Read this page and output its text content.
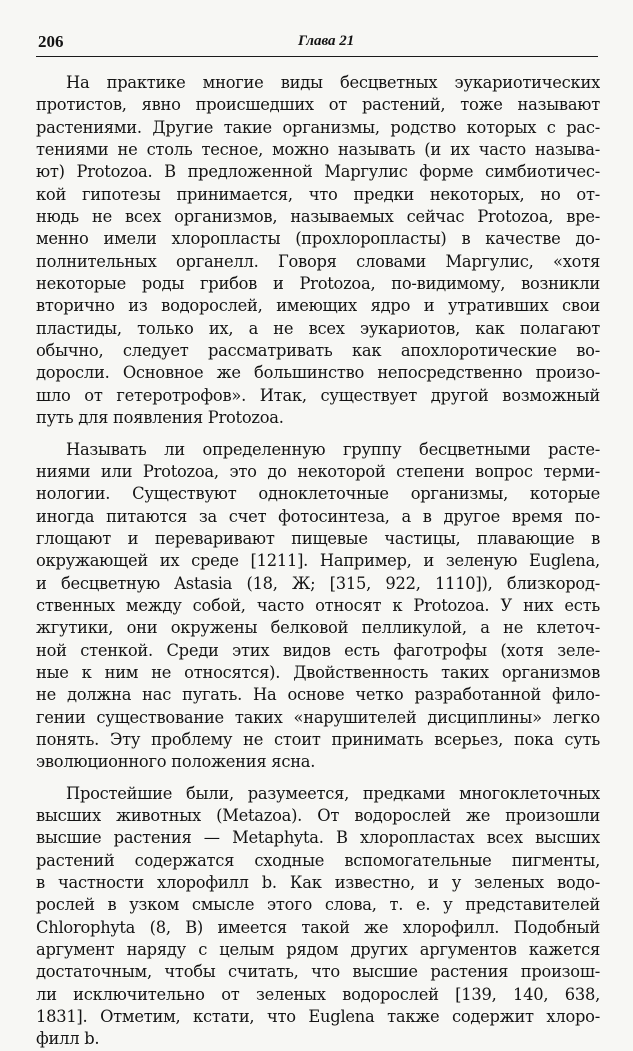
206	Глава 21
На практике многие виды бесцветных эукариотических
протистов, явно происшедших от растений, тоже называют
растениями. Другие такие организмы, родство которых с рас-
тениями не столь тесное, можно называть (и их часто называ-
ют) Protozoa. В предложенной Маргулис форме симбиотичес-
кой гипотезы принимается, что предки некоторых, но от-
нюдь не всех организмов, называемых сейчас Protozoa, вре-
менно имели хлоропласты (прохлоропласты) в качестве до-
полнительных органелл. Говоря словами Маргулис, «хотя
некоторые роды грибов и Protozoa, по-видимому, возникли
вторично из водорослей, имеющих ядро и утративших свои
пластиды, только их, а не всех эукариотов, как полагают
обычно, следует рассматривать как апохлоротические во-
доросли. Основное же большинство непосредственно произо-
шло от гетеротрофов». Итак, существует другой возможный
путь для появления Protozoa.
Называть ли определенную группу бесцветными расте-
ниями или Protozoa, это до некоторой степени вопрос терми-
нологии. Существуют одноклеточные организмы, которые
иногда питаются за счет фотосинтеза, а в другое время по-
глощают и переваривают пищевые частицы, плавающие в
окружающей их среде [1211]. Например, и зеленую Euglena,
и бесцветную Astasia (18, Ж; [315, 922, 1110]), близкород-
ственных между собой, часто относят к Protozoa. У них есть
жгутики, они окружены белковой пелликулой, а не клеточ-
ной стенкой. Среди этих видов есть фаготрофы (хотя зеле-
ные к ним не относятся). Двойственность таких организмов
не должна нас пугать. На основе четко разработанной фило-
гении существование таких «нарушителей дисциплины» легко
понять. Эту проблему не стоит принимать всерьез, пока суть
эволюционного положения ясна.
Простейшие были, разумеется, предками многоклеточных
высших животных (Metazoa). От водорослей же произошли
высшие растения — Metaphyta. В хлоропластах всех высших
растений содержатся сходные вспомогательные пигменты,
в частности хлорофилл b. Как известно, и у зеленых водо-
рослей в узком смысле этого слова, т. е. у представителей
Chlorophyta (8, В) имеется такой же хлорофилл. Подобный
аргумент наряду с целым рядом других аргументов кажется
достаточным, чтобы считать, что высшие растения произош-
ли исключительно от зеленых водорослей [139, 140, 638,
1831]. Отметим, кстати, что Euglena также содержит хлоро-
филл b.
